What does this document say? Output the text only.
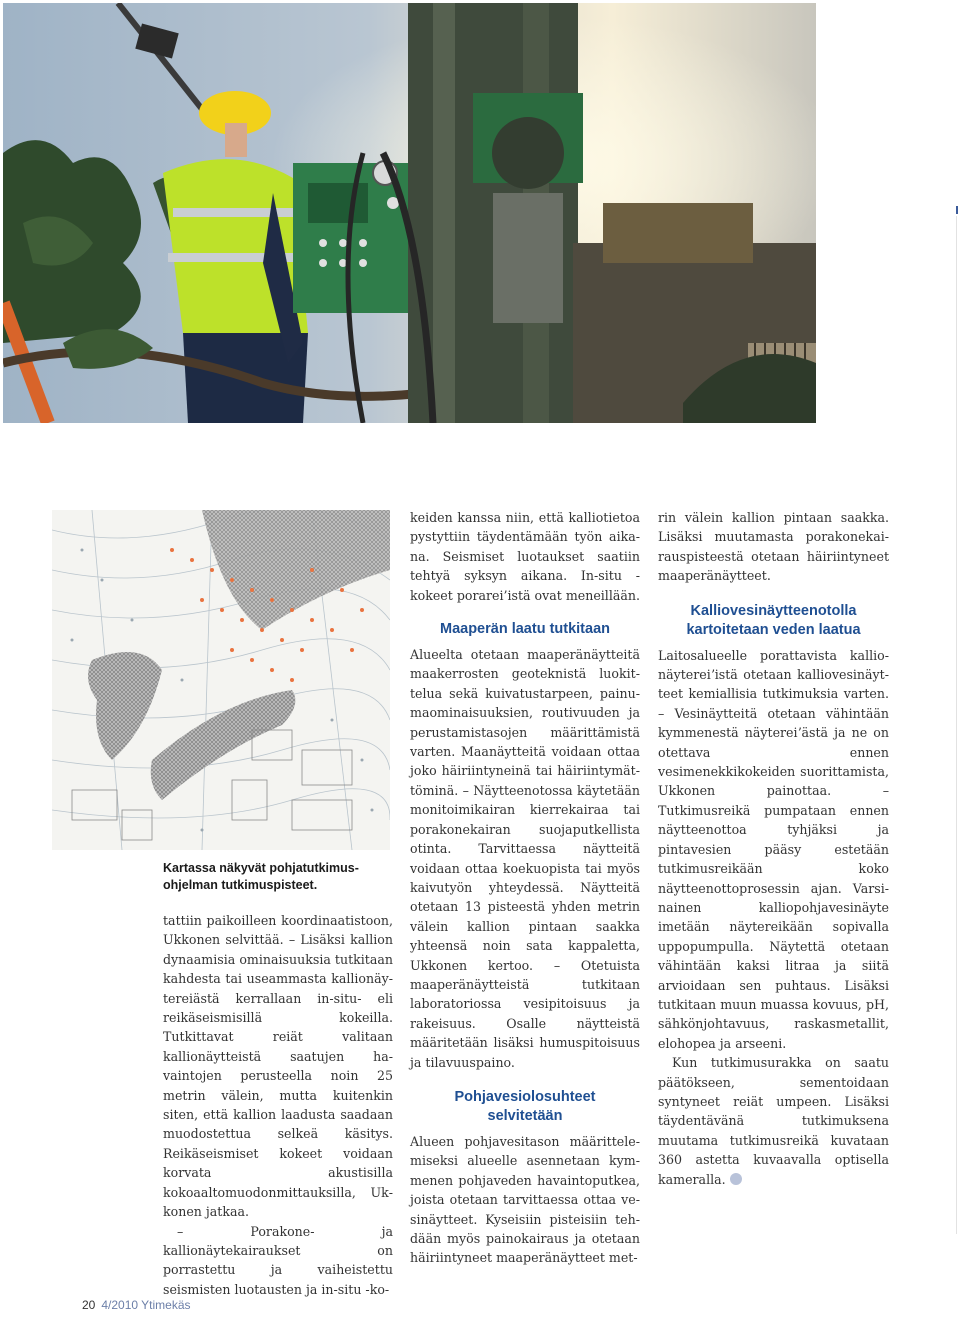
Kartassa näkyvät pohjatutkimus-
ohjelman tutkimuspisteet.

tattiin paikoilleen koordinaatistoon, Ukkonen selvittää. – Lisäksi kallion dynaamisia ominaisuuksia tutkitaan kahdesta tai useammasta kallionäytereiästä kerrallaan in-situ- eli reikäseismisillä kokeilla. Tutkittavat reiät valitaan kallionäytteistä saatujen havaintojen perusteella noin 25 metrin välein, mutta kuitenkin siten, että kallion laadusta saadaan muodostettua selkeä käsitys. Reikäseismiset kokeet voidaan korvata akustisilla kokoaaltomuodonmittauksilla, Ukkonen jatkaa.

– Porakone- ja kallionäytekairaukset on porrastettu ja vaiheistettu seismisten luotausten ja in-situ -ko-

keiden kanssa niin, että kalliotietoa pystyttiin täydentämään työn aikana. Seismiset luotaukset saatiin tehtyä syksyn aikana. In-situ -kokeet porarei’istä ovat meneillään.

Maaperän laatu tutkitaan

Alueelta otetaan maaperänäytteitä maakerrosten geoteknistä luokittelua sekä kuivatustarpeen, painumaominaisuuksien, routivuuden ja perustamistasojen määrittämistä varten. Maanäytteitä voidaan ottaa joko häiriintyneinä tai häiriintymättöminä. – Näytteenotossa käytetään monitoimikairan kierrekairaa tai porakonekairan suojaputkellista otinta. Tarvittaessa näytteitä voidaan ottaa koekuopista tai myös kaivutyön yhteydessä. Näytteitä otetaan 13 pisteestä yhden metrin välein kallion pintaan saakka yhteensä noin sata kappaletta, Ukkonen kertoo. – Otetuista maaperänäytteistä tutkitaan laboratoriossa vesipitoisuus ja rakeisuus. Osalle näytteistä määritetään lisäksi humuspitoisuus ja tilavuuspaino.

Pohjavesiolosuhteet
selvitetään

Alueen pohjavesitason määrittelemiseksi alueelle asennetaan kymmenen pohjaveden havaintoputkea, joista otetaan tarvittaessa ottaa vesinäytteet. Kyseisiin pisteisiin tehdään myös painokairaus ja otetaan häiriintyneet maaperänäytteet met-

rin välein kallion pintaan saakka. Lisäksi muutamasta porakonekairauspisteestä otetaan häiriintyneet maaperänäytteet.

Kalliovesinäytteenotolla
kartoitetaan veden laatua

Laitosalueelle porattavista kallionäytereiʼistä otetaan kalliovesinäytteet kemiallisia tutkimuksia varten. – Vesinäytteitä otetaan vähintään kymmenestä näytereiʼästä ja ne on otettava ennen vesimenekkikokeiden suorittamista, Ukkonen painottaa. – Tutkimusreikä pumpataan ennen näytteenottoa tyhjäksi ja pintavesien pääsy estetään tutkimusreikään koko näytteenottoprosessin ajan. Varsinainen kalliopohjavesinäyte imetään näytereikään sopivalla uppopumpulla. Näytettä otetaan vähintään kaksi litraa ja siitä arvioidaan sen puhtaus. Lisäksi tutkitaan muun muassa kovuus, pH, sähkönjohtavuus, raskasmetallit, elohopea ja arseeni.

Kun tutkimusurakka on saatu päätökseen, sementoidaan syntyneet reiät umpeen. Lisäksi täydentävänä tutkimuksena muutama tutkimusreikä kuvataan 360 astetta kuvaavalla optisella kameralla.

20 4/2010 Ytimekäs
